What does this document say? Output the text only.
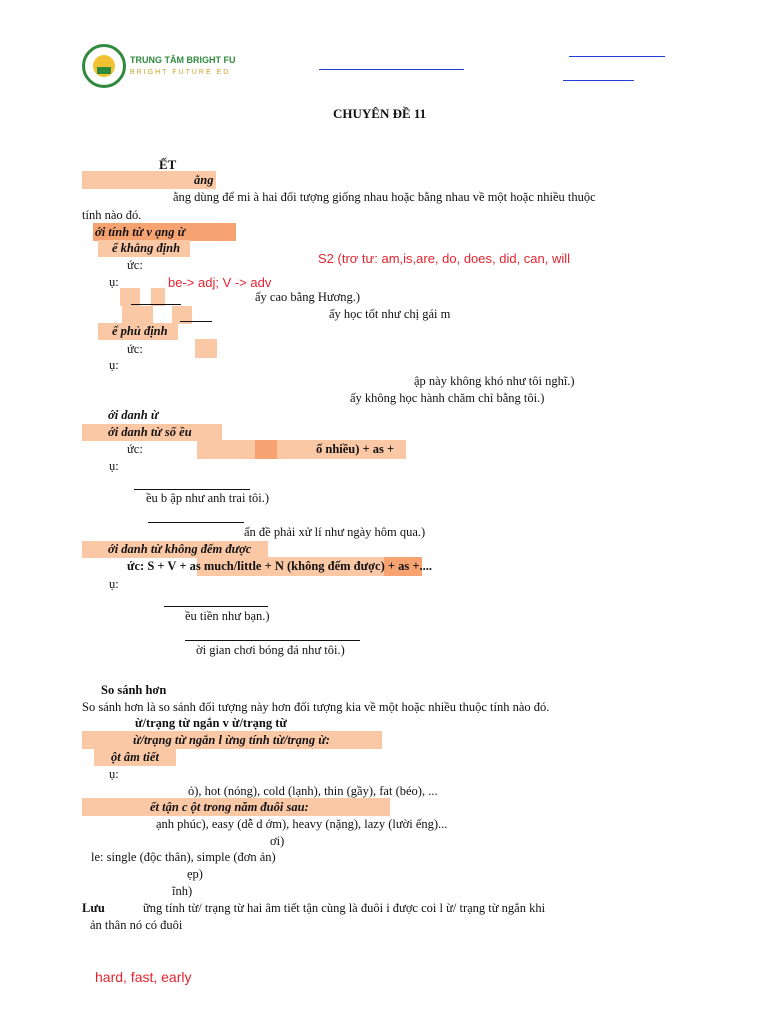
TRUNG TÂM BRIGHT FU
BRIGHT FUTURE ED
CHUYÊN ĐỀ 11
ẾT
ằng
ằng dùng để mi à hai đối tượng giống nhau hoặc bằng nhau về một hoặc nhiều thuộc
tính nào đó.
ới tính từ v ạng ừ
ể khẳng định
ức:
ụ:
ấy cao bằng Hương.)
ấy học tốt như chị gái m
ể phủ định
ức:
ụ:
ập này không khó như tôi nghĩ.)
ấy không học hành chăm chỉ bằng tôi.)
ới danh ừ
ới danh từ số ều
ức:	ố nhiều) + as +
ụ:
ều b ập như anh trai tôi.)
ấn đề phải xử lí như ngày hôm qua.)
ới danh từ không đếm được
ức: S + V + as much/little + N (không đếm được) + as +....
ụ:
ều tiền như bạn.)
ời gian chơi bóng đá như tôi.)
So sánh hơn
So sánh hơn là so sánh đối tượng này hơn đối tượng kia về một hoặc nhiều thuộc tính nào đó.
ừ/trạng từ ngắn v ừ/trạng từ
ừ/trạng từ ngắn l ừng tính từ/trạng ừ:
ột âm tiết
ụ:
ỏ), hot (nóng), cold (lạnh), thin (gầy), fat (béo), ...
ết tận c ột trong năm đuôi sau:
ạnh phúc), easy (dễ d ớm), heavy (nặng), lazy (lười ếng)...
ơi)
le: single (độc thân), simple (đơn ản)
ẹp)
ĩnh)
Lưu	ững tính từ/ trạng từ hai âm tiết tận cùng là đuôi i được coi l ừ/ trạng từ ngắn khi
ản thân nó có đuôi
S2 (trơ tư: am,is,are, do, does, did, can, will
be-> adj; V -> adv
hard, fast, early
